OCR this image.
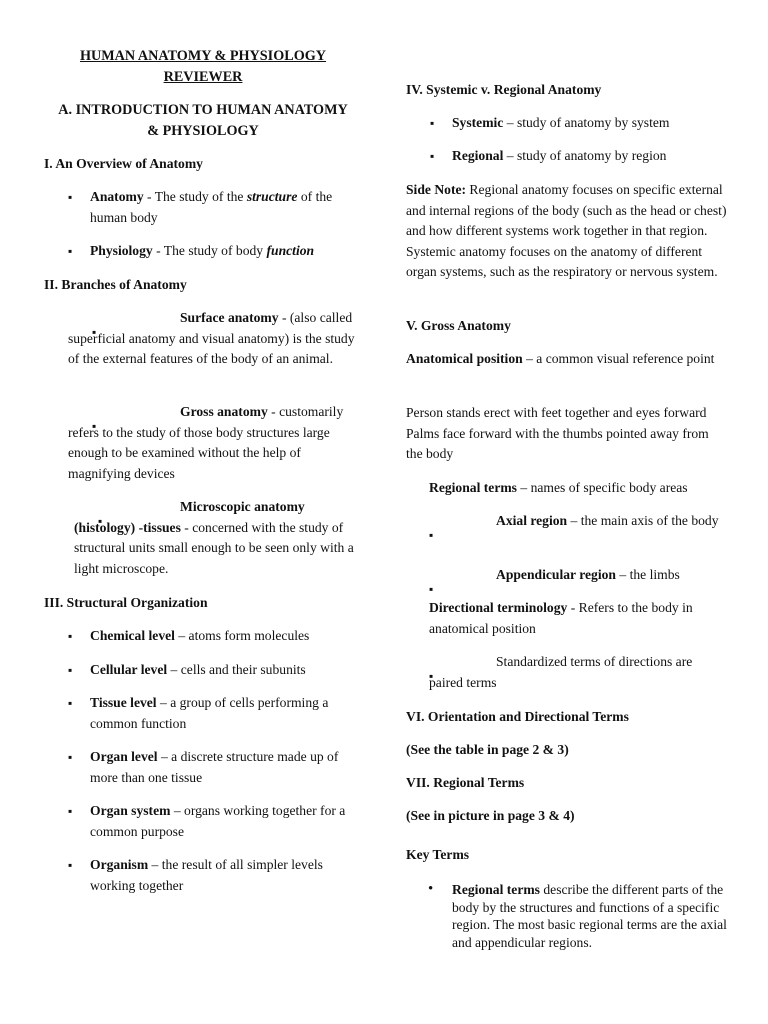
HUMAN ANATOMY & PHYSIOLOGY
REVIEWER

A. INTRODUCTION TO HUMAN ANATOMY
& PHYSIOLOGY

I. An Overview of Anatomy

▪ Anatomy - The study of the structure of the human body

▪ Physiology - The study of body function

II. Branches of Anatomy

Surface anatomy - (also called superficial anatomy and visual anatomy) is the study of the external features of the body of an animal.

Gross anatomy - customarily refers to the study of those body structures large enough to be examined without the help of magnifying devices

Microscopic anatomy (histology) -tissues - concerned with the study of structural units small enough to be seen only with a light microscope.

III. Structural Organization

▪ Chemical level – atoms form molecules

▪ Cellular level – cells and their subunits

▪ Tissue level – a group of cells performing a common function

▪ Organ level – a discrete structure made up of more than one tissue

▪ Organ system – organs working together for a common purpose

▪ Organism – the result of all simpler levels working together

IV. Systemic v. Regional Anatomy

▪ Systemic – study of anatomy by system

▪ Regional – study of anatomy by region

Side Note: Regional anatomy focuses on specific external and internal regions of the body (such as the head or chest) and how different systems work together in that region. Systemic anatomy focuses on the anatomy of different organ systems, such as the respiratory or nervous system.

V. Gross Anatomy

Anatomical position – a common visual reference point

Person stands erect with feet together and eyes forward Palms face forward with the thumbs pointed away from the body

Regional terms – names of specific body areas

Axial region – the main axis of the body

Appendicular region – the limbs

Directional terminology - Refers to the body in anatomical position

Standardized terms of directions are paired terms

VI. Orientation and Directional Terms

(See the table in page 2 & 3)

VII. Regional Terms

(See in picture in page 3 & 4)

Key Terms

• Regional terms describe the different parts of the body by the structures and functions of a specific region. The most basic regional terms are the axial and appendicular regions.
